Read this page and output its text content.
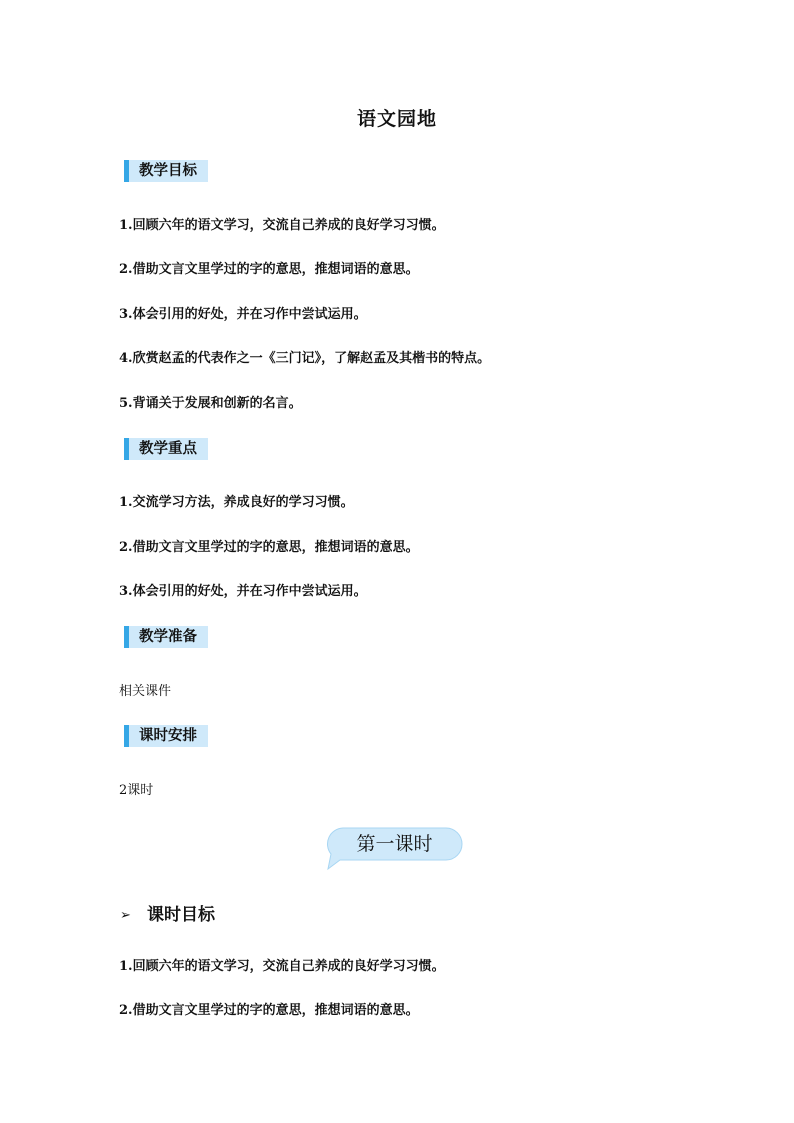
语文园地
教学目标
1.回顾六年的语文学习，交流自己养成的良好学习习惯。
2.借助文言文里学过的字的意思，推想词语的意思。
3.体会引用的好处，并在习作中尝试运用。
4.欣赏赵孟的代表作之一《三门记》，了解赵孟及其楷书的特点。
5.背诵关于发展和创新的名言。
教学重点
1.交流学习方法，养成良好的学习习惯。
2.借助文言文里学过的字的意思，推想词语的意思。
3.体会引用的好处，并在习作中尝试运用。
教学准备
相关课件
课时安排
2课时
第一课时
➢ 课时目标
1.回顾六年的语文学习，交流自己养成的良好学习习惯。
2.借助文言文里学过的字的意思，推想词语的意思。
